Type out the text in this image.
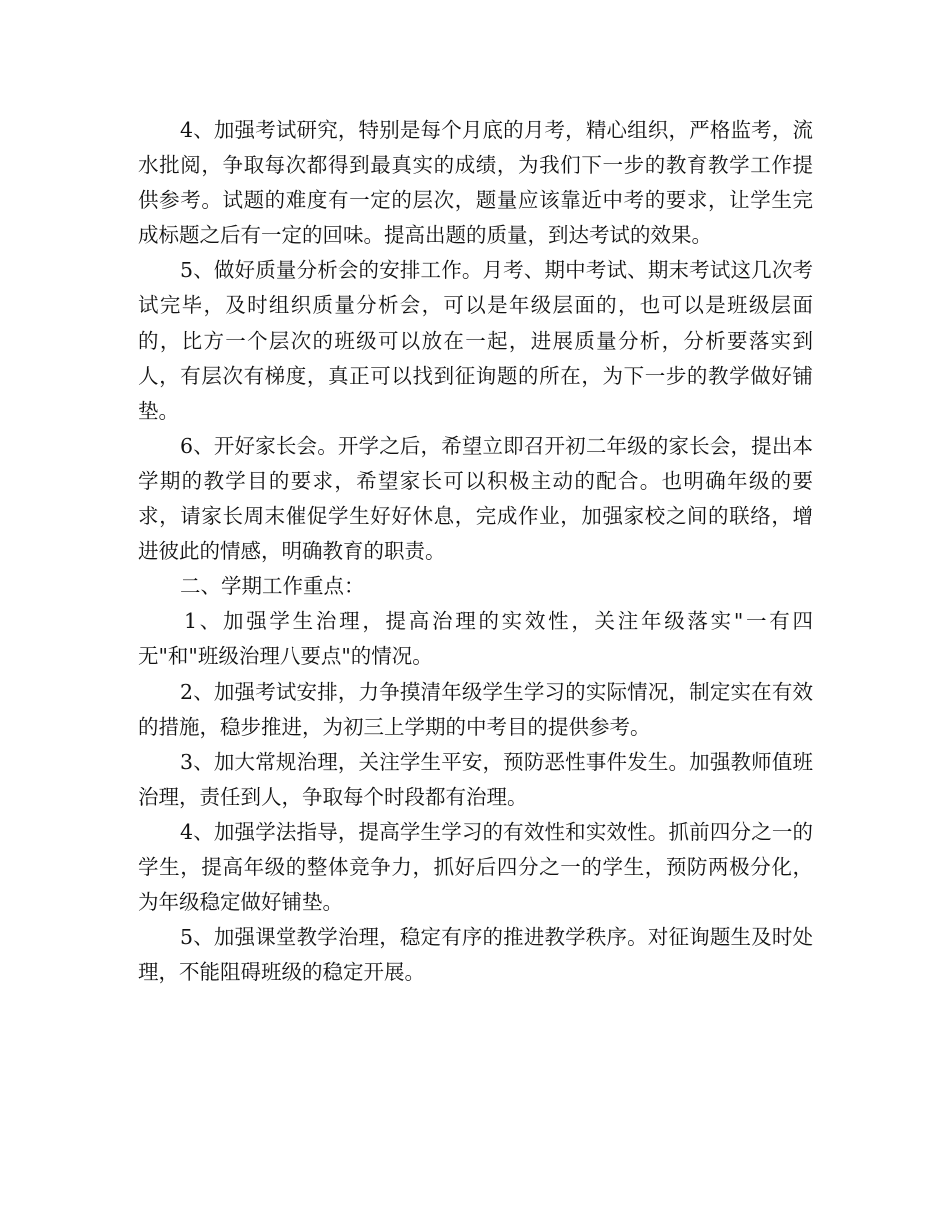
4、加强考试研究，特别是每个月底的月考，精心组织，严格监考，流水批阅，争取每次都得到最真实的成绩，为我们下一步的教育教学工作提供参考。试题的难度有一定的层次，题量应该靠近中考的要求，让学生完成标题之后有一定的回味。提高出题的质量，到达考试的效果。

5、做好质量分析会的安排工作。月考、期中考试、期末考试这几次考试完毕，及时组织质量分析会，可以是年级层面的，也可以是班级层面的，比方一个层次的班级可以放在一起，进展质量分析，分析要落实到人，有层次有梯度，真正可以找到征询题的所在，为下一步的教学做好铺垫。

6、开好家长会。开学之后，希望立即召开初二年级的家长会，提出本学期的教学目的要求，希望家长可以积极主动的配合。也明确年级的要求，请家长周末催促学生好好休息，完成作业，加强家校之间的联络，增进彼此的情感，明确教育的职责。

二、学期工作重点：

1、加强学生治理，提高治理的实效性，关注年级落实"一有四无"和"班级治理八要点"的情况。

2、加强考试安排，力争摸清年级学生学习的实际情况，制定实在有效的措施，稳步推进，为初三上学期的中考目的提供参考。

3、加大常规治理，关注学生平安，预防恶性事件发生。加强教师值班治理，责任到人，争取每个时段都有治理。

4、加强学法指导，提高学生学习的有效性和实效性。抓前四分之一的学生，提高年级的整体竞争力，抓好后四分之一的学生，预防两极分化，为年级稳定做好铺垫。

5、加强课堂教学治理，稳定有序的推进教学秩序。对征询题生及时处理，不能阻碍班级的稳定开展。
